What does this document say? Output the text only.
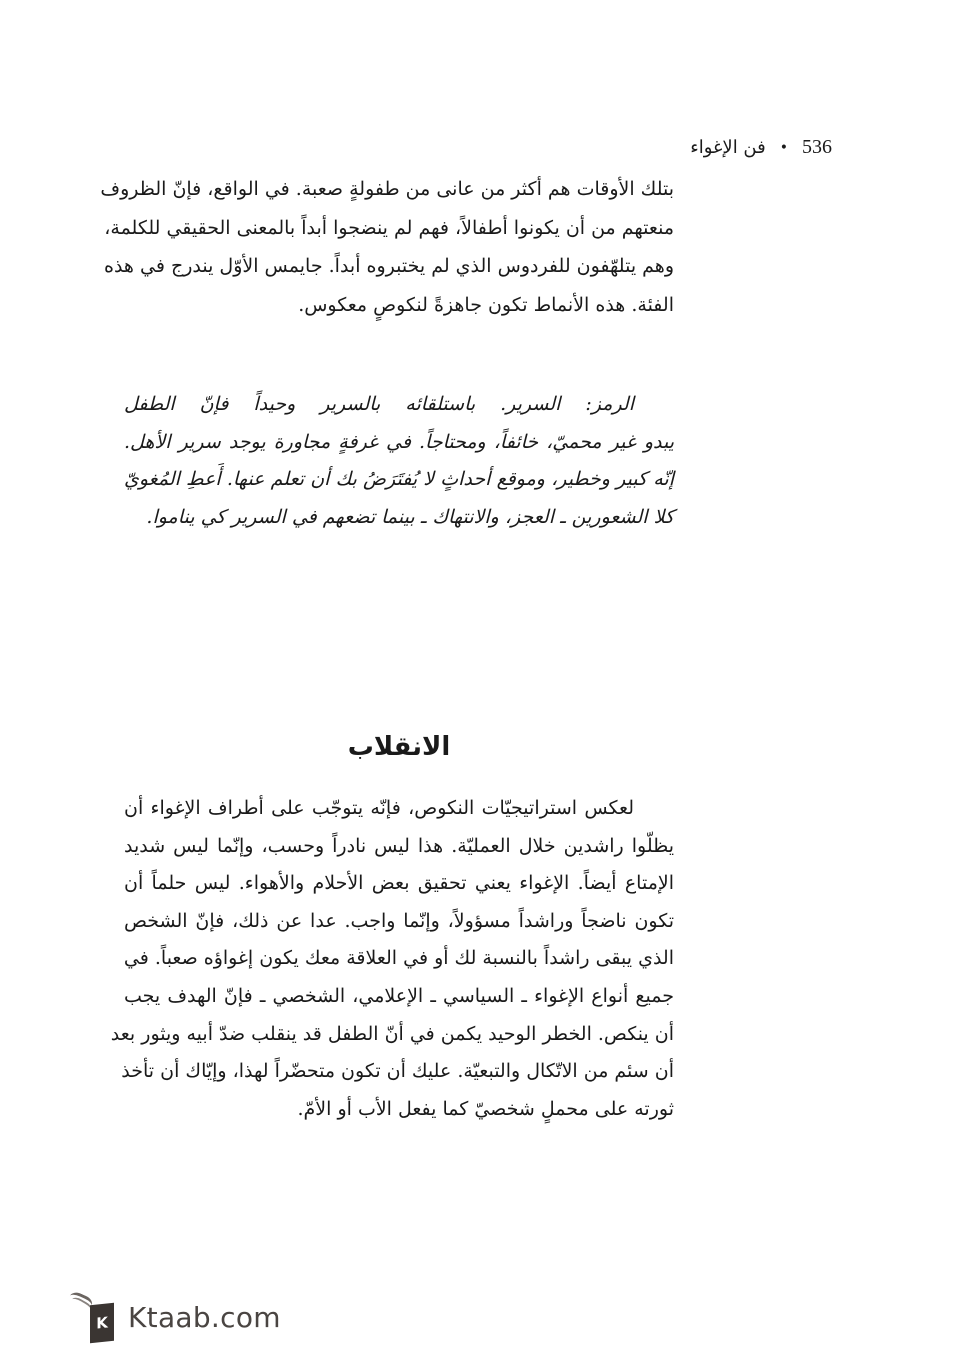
فن الإغواء • 536
بتلك الأوقات هم أكثر من عانى من طفولةٍ صعبة. في الواقع، فإنّ الظروف
منعتهم من أن يكونوا أطفالاً، فهم لم ينضجوا أبداً بالمعنى الحقيقي للكلمة،
وهم يتلهّفون للفردوس الذي لم يختبروه أبداً. جايمس الأوّل يندرج في هذه
الفئة. هذه الأنماط تكون جاهزةً لنكوصٍ معكوس.
الرمز: السرير. باستلقائه بالسرير وحيداً فإنّ الطفل
يبدو غير محميّ، خائفاً، ومحتاجاً. في غرفةٍ مجاورة يوجد سرير الأهل.
إنّه كبير وخطير، وموقع أحداثٍ لا يُفتَرَضُ بك أن تعلم عنها. أَعطِ المُغويّ
كلا الشعورين ـ العجز، والانتهاك ـ بينما تضعهم في السرير كي يناموا.
الانقلاب
لعكس استراتيجيّات النكوص، فإنّه يتوجّب على أطراف الإغواء أن
يظلّوا راشدين خلال العمليّة. هذا ليس نادراً وحسب، وإنّما ليس شديد
الإمتاع أيضاً. الإغواء يعني تحقيق بعض الأحلام والأهواء. ليس حلماً أن
تكون ناضجاً وراشداً مسؤولاً، وإنّما واجب. عدا عن ذلك، فإنّ الشخص
الذي يبقى راشداً بالنسبة لك أو في العلاقة معك يكون إغواؤه صعباً. في
جميع أنواع الإغواء ـ السياسي ـ الإعلامي، الشخصي ـ فإنّ الهدف يجب
أن ينكص. الخطر الوحيد يكمن في أنّ الطفل قد ينقلب ضدّ أبيه ويثور بعد
أن سئم من الاتّكال والتبعيّة. عليك أن تكون متحضّراً لهذا، وإيّاك أن تأخذ
ثورته على محملٍ شخصيّ كما يفعل الأب أو الأمّ.
K Ktaab.com
